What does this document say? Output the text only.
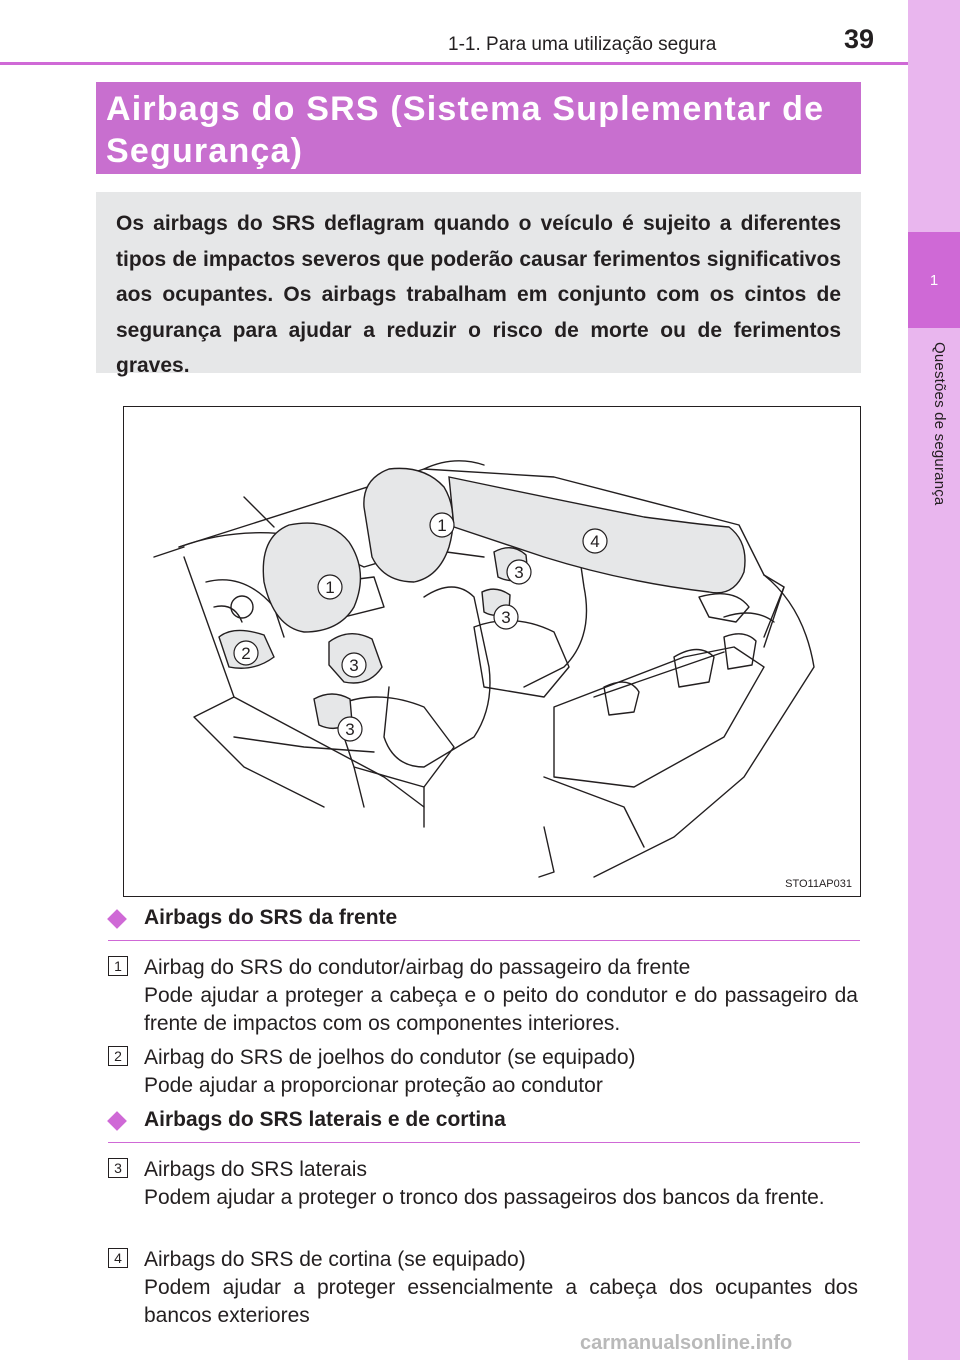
1-1. Para uma utilização segura	39
1
Questões de segurança
Airbags do SRS (Sistema Suplementar de Segurança)

Os airbags do SRS deflagram quando o veículo é sujeito a diferentes tipos de impactos severos que poderão causar ferimentos significativos aos ocupantes. Os airbags trabalham em conjunto com os cintos de segurança para ajudar a reduzir o risco de morte ou de ferimentos graves.

1
1
2
3
3
3
3
4
STO11AP031
Airbags do SRS da frente
1 Airbag do SRS do condutor/airbag do passageiro da frente
Pode ajudar a proteger a cabeça e o peito do condutor e do passageiro da frente de impactos com os componentes interiores.
2 Airbag do SRS de joelhos do condutor (se equipado)
Pode ajudar a proporcionar proteção ao condutor
Airbags do SRS laterais e de cortina
3 Airbags do SRS laterais
Podem ajudar a proteger o tronco dos passageiros dos bancos da frente.
4 Airbags do SRS de cortina (se equipado)
Podem ajudar a proteger essencialmente a cabeça dos ocupantes dos bancos exteriores
carmanualsonline.info
